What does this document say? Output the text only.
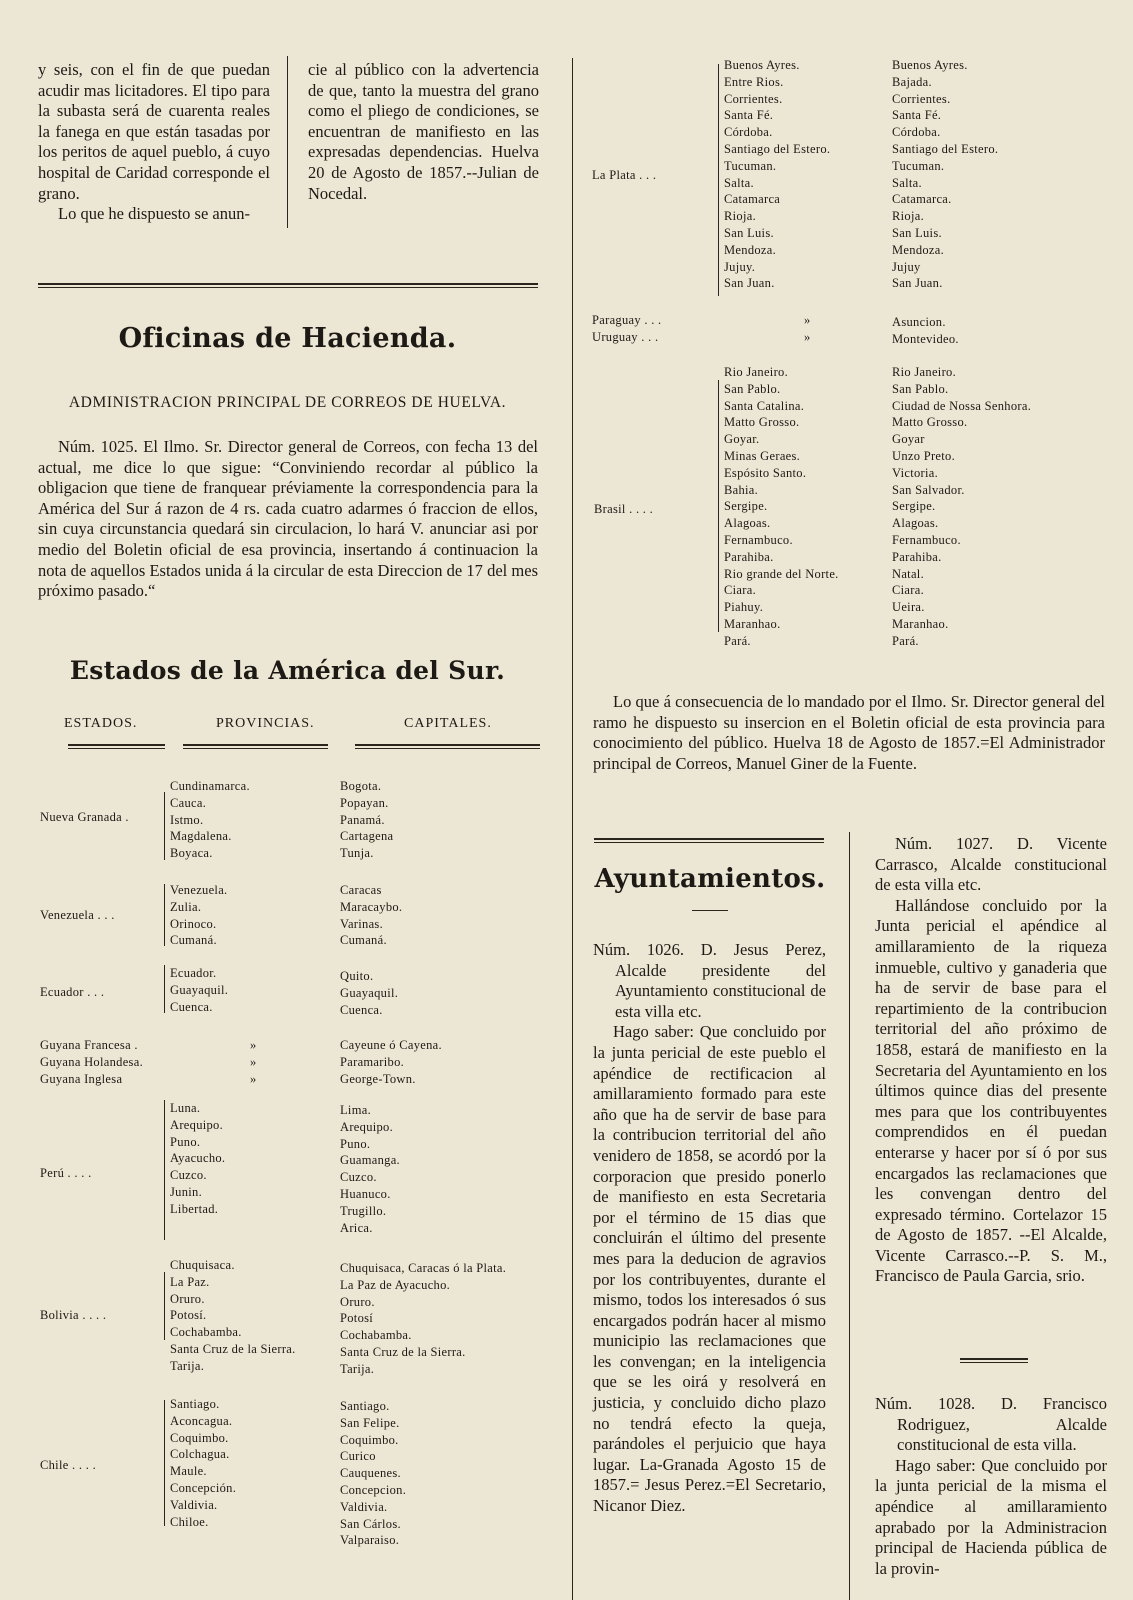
y seis, con el fin de que puedan acudir mas licitadores. El tipo para la subasta será de cuarenta reales la fanega en que están tasadas por los peritos de aquel pueblo, á cuyo hospital de Caridad corresponde el grano.

Lo que he dispuesto se anun-

cie al público con la advertencia de que, tanto la muestra del grano como el pliego de condiciones, se encuentran de manifiesto en las expresadas dependencias. Huelva 20 de Agosto de 1857.--Julian de Nocedal.

Oficinas de Hacienda.
ADMINISTRACION PRINCIPAL DE CORREOS DE HUELVA.
Núm. 1025. El Ilmo. Sr. Director general de Correos, con fecha 13 del actual, me dice lo que sigue: “Conviniendo recordar al público la obligacion que tiene de franquear préviamente la correspondencia para la América del Sur á razon de 4 rs. cada cuatro adarmes ó fraccion de ellos, sin cuya circunstancia quedará sin circulacion, lo hará V. anunciar asi por medio del Boletin oficial de esa provincia, insertando á continuacion la nota de aquellos Estados unida á la circular de esta Direccion de 17 del mes próximo pasado.“
Estados de la América del Sur.
ESTADOS.	PROVINCIAS.	CAPITALES.
Nueva Granada .
Cundinamarca.
Cauca.
Istmo.
Magdalena.
Boyaca.
Bogota.
Popayan.
Panamá.
Cartagena
Tunja.
Venezuela . . .
Venezuela.
Zulia.
Orinoco.
Cumaná.
Caracas
Maracaybo.
Varinas.
Cumaná.
Ecuador . . .
Ecuador.
Guayaquil.
Cuenca.
Quito.
Guayaquil.
Cuenca.
Guyana Francesa .
Guyana Holandesa.
Guyana Inglesa
»
»
»
Cayeune ó Cayena.
Paramaribo.
George-Town.
Perú . . . .
Luna.
Arequipo.
Puno.
Ayacucho.
Cuzco.
Junin.
Libertad.
Lima.
Arequipo.
Puno.
Guamanga.
Cuzco.
Huanuco.
Trugillo.
Arica.
Bolivia . . . .
Chuquisaca.
La Paz.
Oruro.
Potosí.
Cochabamba.
Santa Cruz de la Sierra.
Tarija.
Chuquisaca, Caracas ó la Plata.
La Paz de Ayacucho.
Oruro.
Potosí
Cochabamba.
Santa Cruz de la Sierra.
Tarija.
Chile . . . .
Santiago.
Aconcagua.
Coquimbo.
Colchagua.
Maule.
Concepción.
Valdivia.
Chiloe.
Santiago.
San Felipe.
Coquimbo.
Curico
Cauquenes.
Concepcion.
Valdivia.
San Cárlos.
Valparaiso.
La Plata . . .
Buenos Ayres.
Entre Rios.
Corrientes.
Santa Fé.
Córdoba.
Santiago del Estero.
Tucuman.
Salta.
Catamarca
Rioja.
San Luis.
Mendoza.
Jujuy.
San Juan.
Buenos Ayres.
Bajada.
Corrientes.
Santa Fé.
Córdoba.
Santiago del Estero.
Tucuman.
Salta.
Catamarca.
Rioja.
San Luis.
Mendoza.
Jujuy
San Juan.
Paraguay . . .
Uruguay . . .
»
»
Asuncion.
Montevideo.
Brasil . . . .
Rio Janeiro.
San Pablo.
Santa Catalina.
Matto Grosso.
Goyar.
Minas Geraes.
Espósito Santo.
Bahia.
Sergipe.
Alagoas.
Fernambuco.
Parahiba.
Rio grande del Norte.
Ciara.
Piahuy.
Maranhao.
Pará.
Rio Janeiro.
San Pablo.
Ciudad de Nossa Senhora.
Matto Grosso.
Goyar
Unzo Preto.
Victoria.
San Salvador.
Sergipe.
Alagoas.
Fernambuco.
Parahiba.
Natal.
Ciara.
Ueira.
Maranhao.
Pará.
Lo que á consecuencia de lo mandado por el Ilmo. Sr. Director general del ramo he dispuesto su insercion en el Boletin oficial de esta provincia para conocimiento del público. Huelva 18 de Agosto de 1857.=El Administrador principal de Correos, Manuel Giner de la Fuente.
Ayuntamientos.

Núm. 1026. D. Jesus Perez, Alcalde presidente del Ayuntamiento constitucional de esta villa etc.

Hago saber: Que concluido por la junta pericial de este pueblo el apéndice de rectificacion al amillaramiento formado para este año que ha de servir de base para la contribucion territorial del año venidero de 1858, se acordó por la corporacion que presido ponerlo de manifiesto en esta Secretaria por el término de 15 dias que concluirán el último del presente mes para la deducion de agravios por los contribuyentes, durante el mismo, todos los interesados ó sus encargados podrán hacer al mismo municipio las reclamaciones que les convengan; en la inteligencia que se les oirá y resolverá en justicia, y concluido dicho plazo no tendrá efecto la queja, parándoles el perjuicio que haya lugar. La-Granada Agosto 15 de 1857.= Jesus Perez.=El Secretario, Nicanor Diez.

Núm. 1027. D. Vicente Carrasco, Alcalde constitucional de esta villa etc.

Hallándose concluido por la Junta pericial el apéndice al amillaramiento de la riqueza inmueble, cultivo y ganaderia que ha de servir de base para el repartimiento de la contribucion territorial del año próximo de 1858, estará de manifiesto en la Secretaria del Ayuntamiento en los últimos quince dias del presente mes para que los contribuyentes comprendidos en él puedan enterarse y hacer por sí ó por sus encargados las reclamaciones que les convengan dentro del expresado término. Cortelazor 15 de Agosto de 1857. --El Alcalde, Vicente Carrasco.--P. S. M., Francisco de Paula Garcia, srio.

Núm. 1028. D. Francisco Rodriguez, Alcalde constitucional de esta villa.

Hago saber: Que concluido por la junta pericial de la misma el apéndice al amillaramiento aprabado por la Administracion principal de Hacienda pública de la provin-
